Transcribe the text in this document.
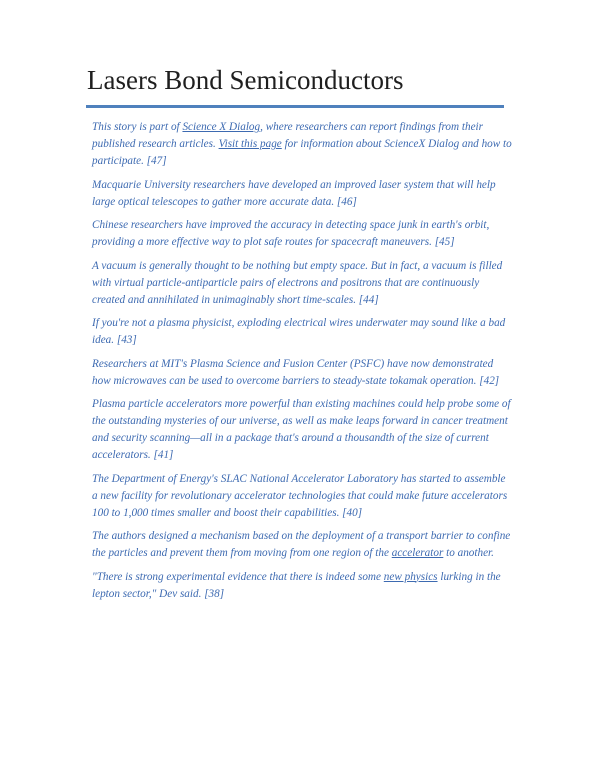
Lasers Bond Semiconductors

This story is part of Science X Dialog, where researchers can report findings from their published research articles. Visit this page for information about ScienceX Dialog and how to participate. [47]

Macquarie University researchers have developed an improved laser system that will help large optical telescopes to gather more accurate data. [46]

Chinese researchers have improved the accuracy in detecting space junk in earth's orbit, providing a more effective way to plot safe routes for spacecraft maneuvers. [45]

A vacuum is generally thought to be nothing but empty space. But in fact, a vacuum is filled with virtual particle-antiparticle pairs of electrons and positrons that are continuously created and annihilated in unimaginably short time-scales. [44]

If you're not a plasma physicist, exploding electrical wires underwater may sound like a bad idea. [43]

Researchers at MIT's Plasma Science and Fusion Center (PSFC) have now demonstrated how microwaves can be used to overcome barriers to steady-state tokamak operation. [42]

Plasma particle accelerators more powerful than existing machines could help probe some of the outstanding mysteries of our universe, as well as make leaps forward in cancer treatment and security scanning—all in a package that's around a thousandth of the size of current accelerators. [41]

The Department of Energy's SLAC National Accelerator Laboratory has started to assemble a new facility for revolutionary accelerator technologies that could make future accelerators 100 to 1,000 times smaller and boost their capabilities. [40]

The authors designed a mechanism based on the deployment of a transport barrier to confine the particles and prevent them from moving from one region of the accelerator to another.

"There is strong experimental evidence that there is indeed some new physics lurking in the lepton sector," Dev said. [38]
